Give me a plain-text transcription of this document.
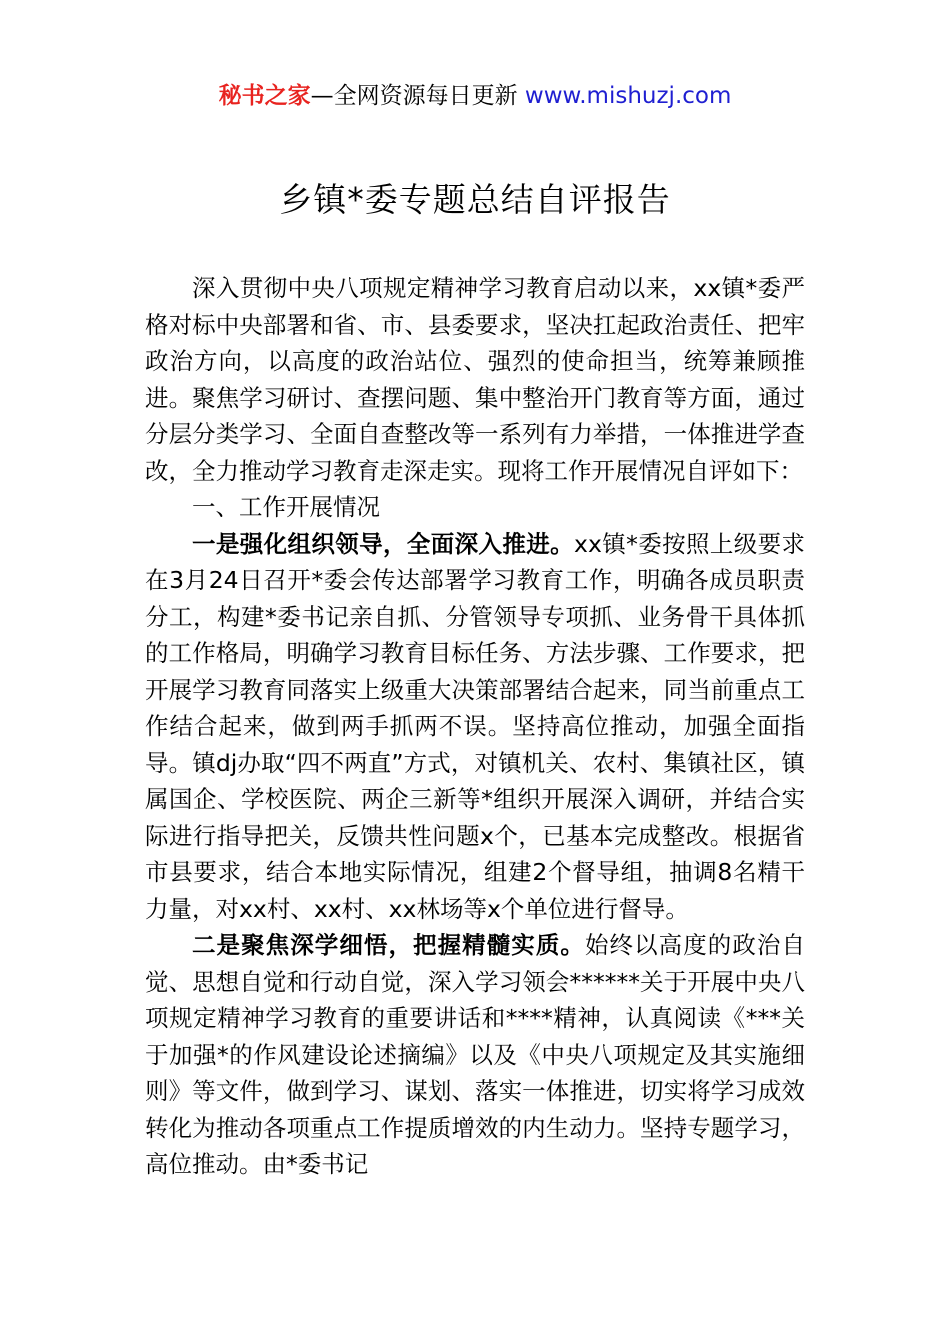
秘书之家—全网资源每日更新 www.mishuzj.com
乡镇*委专题总结自评报告

深入贯彻中央八项规定精神学习教育启动以来，xx镇*委严格对标中央部署和省、市、县委要求，坚决扛起政治责任、把牢政治方向，以高度的政治站位、强烈的使命担当，统筹兼顾推进。聚焦学习研讨、查摆问题、集中整治开门教育等方面，通过分层分类学习、全面自查整改等一系列有力举措，一体推进学查改，全力推动学习教育走深走实。现将工作开展情况自评如下：

一、工作开展情况

一是强化组织领导，全面深入推进。xx镇*委按照上级要求在3月24日召开*委会传达部署学习教育工作，明确各成员职责分工，构建*委书记亲自抓、分管领导专项抓、业务骨干具体抓的工作格局，明确学习教育目标任务、方法步骤、工作要求，把开展学习教育同落实上级重大决策部署结合起来，同当前重点工作结合起来，做到两手抓两不误。坚持高位推动，加强全面指导。镇dj办取“四不两直”方式，对镇机关、农村、集镇社区，镇属国企、学校医院、两企三新等*组织开展深入调研，并结合实际进行指导把关，反馈共性问题x个，已基本完成整改。根据省市县要求，结合本地实际情况，组建2个督导组，抽调8名精干力量，对xx村、xx村、xx林场等x个单位进行督导。

二是聚焦深学细悟，把握精髓实质。始终以高度的政治自觉、思想自觉和行动自觉，深入学习领会******关于开展中央八项规定精神学习教育的重要讲话和****精神，认真阅读《***关于加强*的作风建设论述摘编》以及《中央八项规定及其实施细则》等文件，做到学习、谋划、落实一体推进，切实将学习成效转化为推动各项重点工作提质增效的内生动力。坚持专题学习，高位推动。由*委书记
